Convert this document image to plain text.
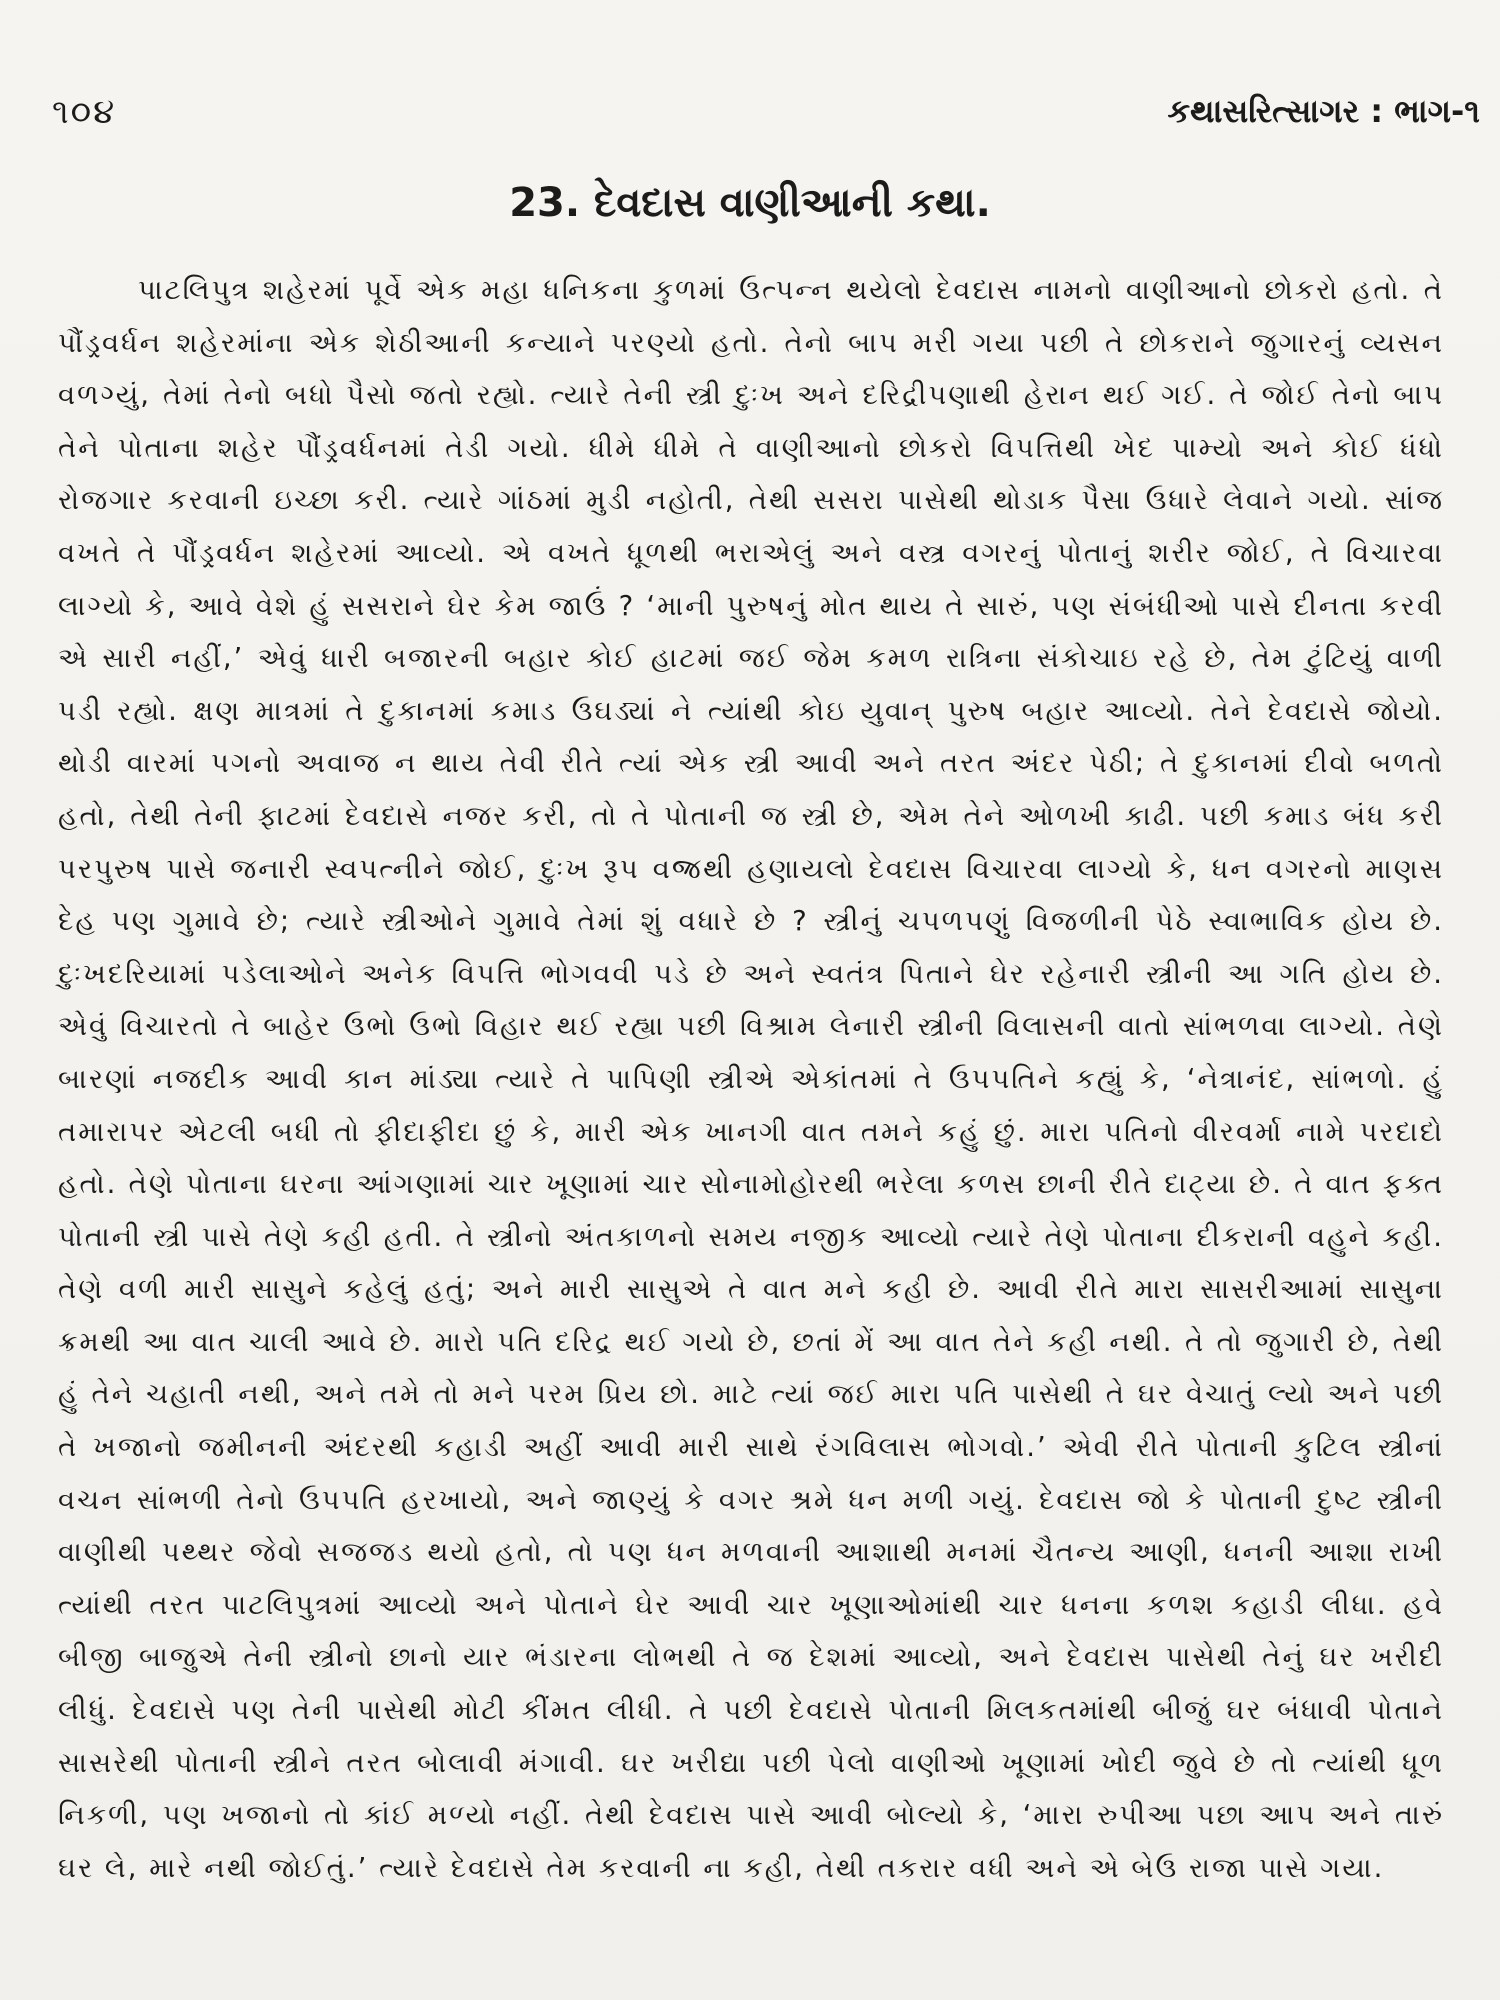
૧૦૪	કથાસરિત્સાગર : ભાગ-૧
23. દેવદાસ વાણીઆની કથા.

પાટલિપુત્ર શહેરમાં પૂર્વે એક મહા ધનિકના કુળમાં ઉત્પન્ન થયેલો દેવદાસ નામનો વાણીઆનો છોકરો હતો. તે પૌંડ્રવર્ધન શહેરમાંના એક શેઠીઆની કન્યાને પરણ્યો હતો. તેનો બાપ મરી ગયા પછી તે છોકરાને જુગારનું વ્યસન વળગ્યું, તેમાં તેનો બધો પૈસો જતો રહ્યો. ત્યારે તેની સ્ત્રી દુઃખ અને દરિદ્રીપણાથી હેરાન થઈ ગઈ. તે જોઈ તેનો બાપ તેને પોતાના શહેર પૌંડ્રવર્ધનમાં તેડી ગયો. ધીમે ધીમે તે વાણીઆનો છોકરો વિપત્તિથી ખેદ પામ્યો અને કોઈ ધંધો રોજગાર કરવાની ઇચ્છા કરી. ત્યારે ગાંઠમાં મુડી નહોતી, તેથી સસરા પાસેથી થોડાક પૈસા ઉધારે લેવાને ગયો. સાંજ વખતે તે પૌંડ્રવર્ધન શહેરમાં આવ્યો. એ વખતે ધૂળથી ભરાએલું અને વસ્ત્ર વગરનું પોતાનું શરીર જોઈ, તે વિચારવા લાગ્યો કે, આવે વેશે હું સસરાને ઘેર કેમ જાઉં ? ‘માની પુરુષનું મોત થાય તે સારું, પણ સંબંધીઓ પાસે દીનતા કરવી એ સારી નહીં,’ એવું ધારી બજારની બહાર કોઈ હાટમાં જઈ જેમ કમળ રાત્રિના સંકોચાઇ રહે છે, તેમ ટુંટિયું વાળી પડી રહ્યો. ક્ષણ માત્રમાં તે દુકાનમાં કમાડ ઉઘડ્યાં ને ત્યાંથી કોઇ યુવાન્ પુરુષ બહાર આવ્યો. તેને દેવદાસે જોયો. થોડી વારમાં પગનો અવાજ ન થાય તેવી રીતે ત્યાં એક સ્ત્રી આવી અને તરત અંદર પેઠી; તે દુકાનમાં દીવો બળતો હતો, તેથી તેની ફાટમાં દેવદાસે નજર કરી, તો તે પોતાની જ સ્ત્રી છે, એમ તેને ઓળખી કાઢી. પછી કમાડ બંધ કરી પરપુરુષ પાસે જનારી સ્વપત્નીને જોઈ, દુઃખ રૂપ વજ્રથી હણાયલો દેવદાસ વિચારવા લાગ્યો કે, ધન વગરનો માણસ દેહ પણ ગુમાવે છે; ત્યારે સ્ત્રીઓને ગુમાવે તેમાં શું વધારે છે ? સ્ત્રીનું ચપળપણું વિજળીની પેઠે સ્વાભાવિક હોય છે. દુઃખદરિયામાં પડેલાઓને અનેક વિપત્તિ ભોગવવી પડે છે અને સ્વતંત્ર પિતાને ઘેર રહેનારી સ્ત્રીની આ ગતિ હોય છે. એવું વિચારતો તે બાહેર ઉભો ઉભો વિહાર થઈ રહ્યા પછી વિશ્રામ લેનારી સ્ત્રીની વિલાસની વાતો સાંભળવા લાગ્યો. તેણે બારણાં નજદીક આવી કાન માંડ્યા ત્યારે તે પાપિણી સ્ત્રીએ એકાંતમાં તે ઉપપતિને કહ્યું કે, ‘નેત્રાનંદ, સાંભળો. હું તમારાપર એટલી બધી તો ફીદાફીદા છું કે, મારી એક ખાનગી વાત તમને કહું છું. મારા પતિનો વીરવર્મા નામે પરદાદો હતો. તેણે પોતાના ઘરના આંગણામાં ચાર ખૂણામાં ચાર સોનામોહોરથી ભરેલા કળસ છાની રીતે દાટ્યા છે. તે વાત ફક્ત પોતાની સ્ત્રી પાસે તેણે કહી હતી. તે સ્ત્રીનો અંતકાળનો સમય નજીક આવ્યો ત્યારે તેણે પોતાના દીકરાની વહુને કહી. તેણે વળી મારી સાસુને કહેલું હતું; અને મારી સાસુએ તે વાત મને કહી છે. આવી રીતે મારા સાસરીઆમાં સાસુના ક્રમથી આ વાત ચાલી આવે છે. મારો પતિ દરિદ્ર થઈ ગયો છે, છતાં મેં આ વાત તેને કહી નથી. તે તો જુગારી છે, તેથી હું તેને ચહાતી નથી, અને તમે તો મને પરમ પ્રિય છો. માટે ત્યાં જઈ મારા પતિ પાસેથી તે ઘર વેચાતું લ્યો અને પછી તે ખજાનો જમીનની અંદરથી કહાડી અહીં આવી મારી સાથે રંગવિલાસ ભોગવો.’ એવી રીતે પોતાની કુટિલ સ્ત્રીનાં વચન સાંભળી તેનો ઉપપતિ હરખાયો, અને જાણ્યું કે વગર શ્રમે ધન મળી ગયું. દેવદાસ જો કે પોતાની દુષ્ટ સ્ત્રીની વાણીથી પથ્થર જેવો સજજડ થયો હતો, તો પણ ધન મળવાની આશાથી મનમાં ચૈતન્ય આણી, ધનની આશા રાખી ત્યાંથી તરત પાટલિપુત્રમાં આવ્યો અને પોતાને ઘેર આવી ચાર ખૂણાઓમાંથી ચાર ધનના કળશ કહાડી લીધા. હવે બીજી બાજુએ તેની સ્ત્રીનો છાનો યાર ભંડારના લોભથી તે જ દેશમાં આવ્યો, અને દેવદાસ પાસેથી તેનું ઘર ખરીદી લીધું. દેવદાસે પણ તેની પાસેથી મોટી કીંમત લીધી. તે પછી દેવદાસે પોતાની મિલકતમાંથી બીજું ઘર બંધાવી પોતાને સાસરેથી પોતાની સ્ત્રીને તરત બોલાવી મંગાવી. ઘર ખરીદ્યા પછી પેલો વાણીઓ ખૂણામાં ખોદી જુવે છે તો ત્યાંથી ધૂળ નિકળી, પણ ખજાનો તો કાંઈ મળ્યો નહીં. તેથી દેવદાસ પાસે આવી બોલ્યો કે, ‘મારા રુપીઆ પછા આપ અને તારું ઘર લે, મારે નથી જોઈતું.’ ત્યારે દેવદાસે તેમ કરવાની ના કહી, તેથી તકરાર વધી અને એ બેઉ રાજા પાસે ગયા.
